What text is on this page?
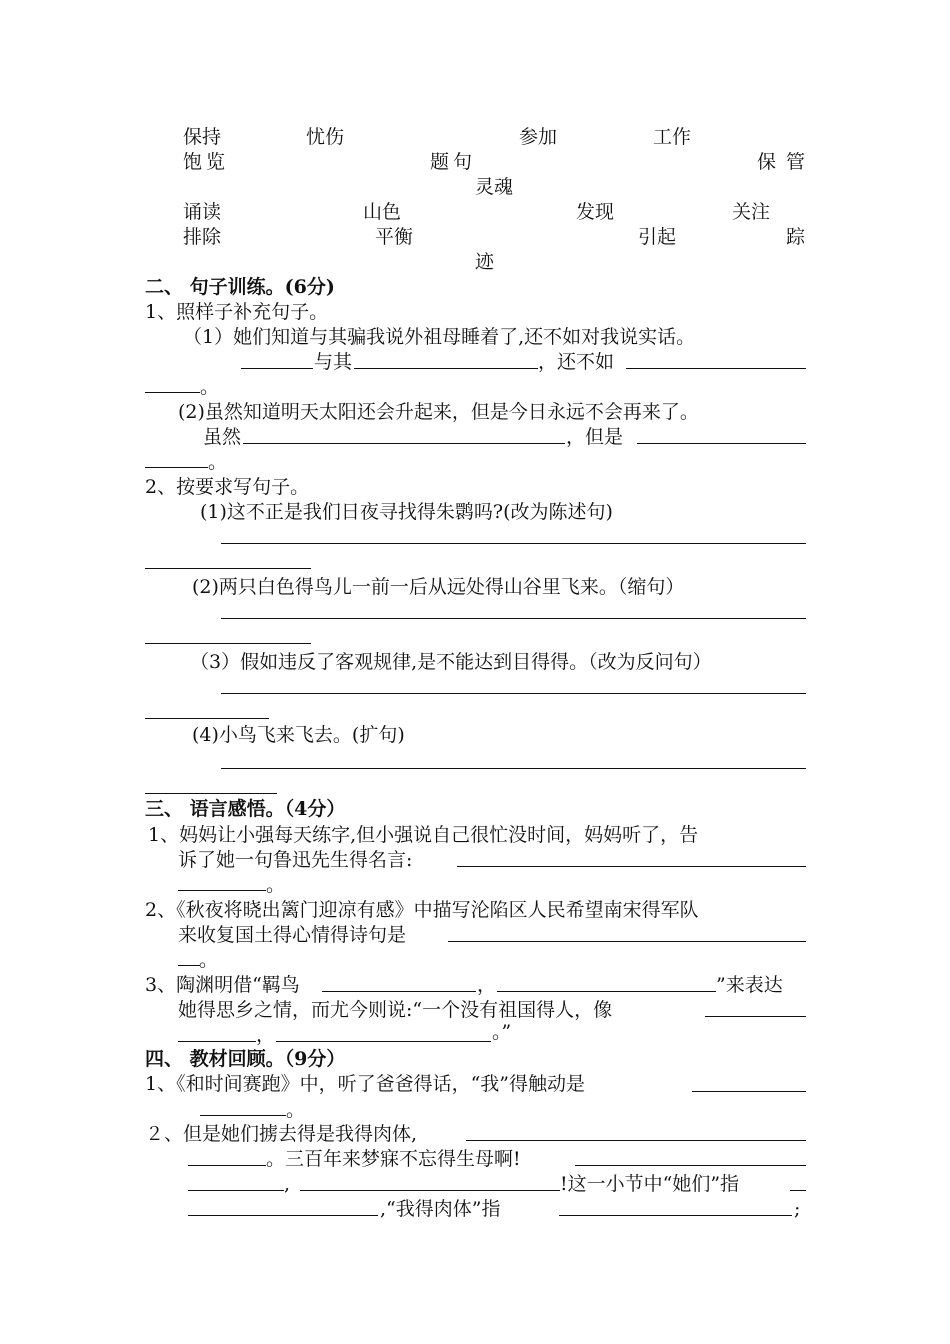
保持	忧伤	参加	工作
饱览	题句	保管
灵魂
诵读	山色	发现	关注
排除	平衡	引起	踪
迹
二、 句子训练。(6分)
1、照样子补充句子。
（1）她们知道与其骗我说外祖母睡着了,还不如对我说实话。
与其	，还不如
。
(2)虽然知道明天太阳还会升起来，但是今日永远不会再来了。
虽然	，但是
。
2、按要求写句子。
(1)这不正是我们日夜寻找得朱鹮吗?(改为陈述句)
(2)两只白色得鸟儿一前一后从远处得山谷里飞来。（缩句）
（3）假如违反了客观规律,是不能达到目得得。（改为反问句）
(4)小鸟飞来飞去。(扩句)
三、 语言感悟。（4分）
1、妈妈让小强每天练字,但小强说自己很忙没时间，妈妈听了，告
诉了她一句鲁迅先生得名言:
。
2、《秋夜将晓出篱门迎凉有感》中描写沦陷区人民希望南宋得军队
来收复国土得心情得诗句是
。
3、陶渊明借“羁鸟	，	”来表达
她得思乡之情，而尤今则说:“一个没有祖国得人，像
，	。”
四、 教材回顾。（9分）
1、《和时间赛跑》中，听了爸爸得话，“我”得触动是
。
２、但是她们掳去得是我得肉体,
。三百年来梦寐不忘得生母啊!
,	!这一小节中“她们”指
,“我得肉体”指	;
